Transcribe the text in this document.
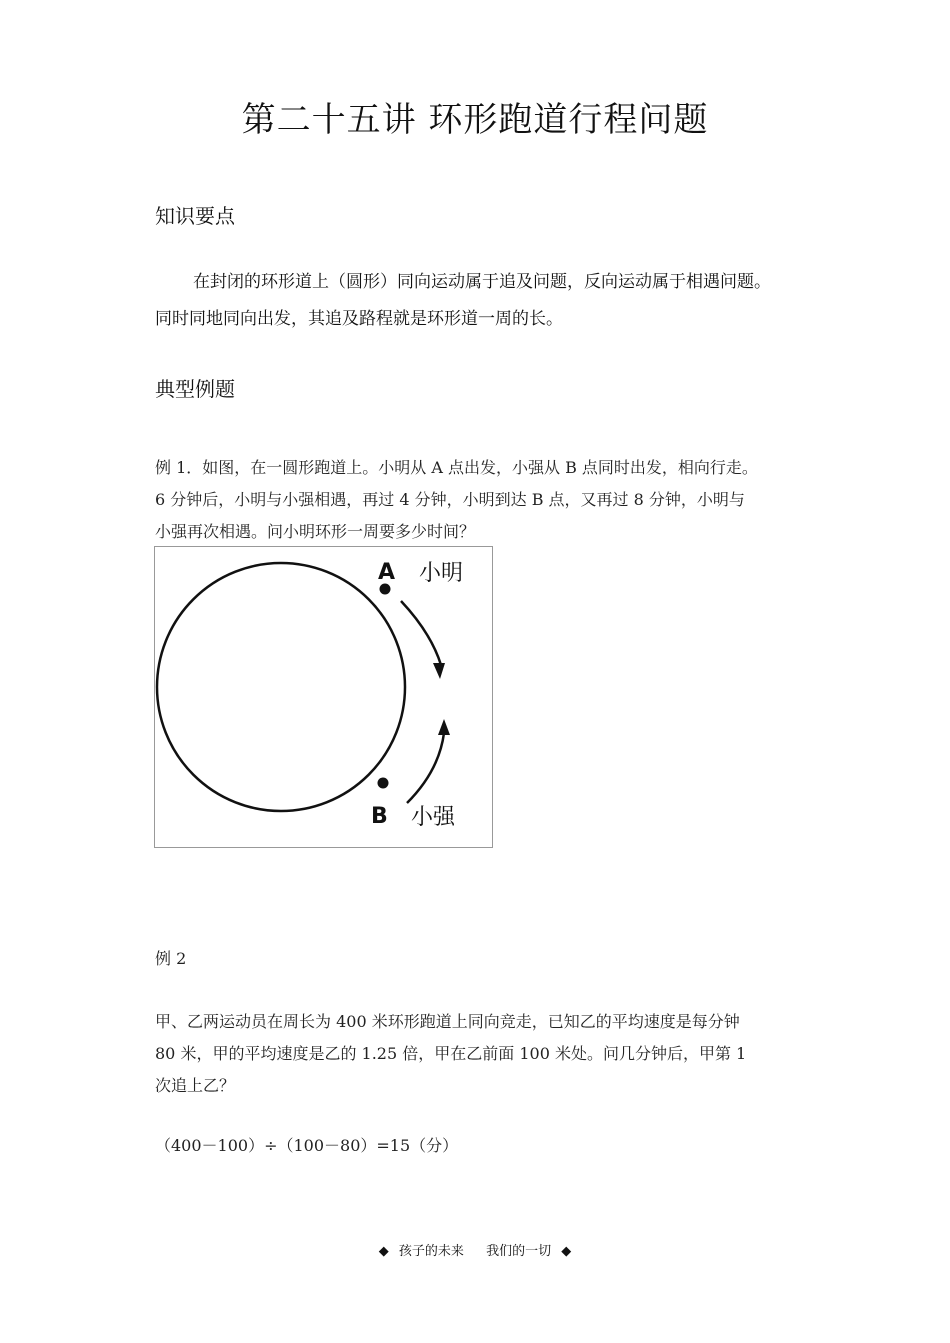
第二十五讲 环形跑道行程问题
知识要点
在封闭的环形道上（圆形）同向运动属于追及问题，反向运动属于相遇问题。
同时同地同向出发，其追及路程就是环形道一周的长。
典型例题
例 1．如图，在一圆形跑道上。小明从 A 点出发，小强从 B 点同时出发，相向行走。
6 分钟后，小明与小强相遇，再过 4 分钟，小明到达 B 点，又再过 8 分钟，小明与
小强再次相遇。问小明环形一周要多少时间？
A 小明
B 小强
例 2
甲、乙两运动员在周长为 400 米环形跑道上同向竞走，已知乙的平均速度是每分钟
80 米，甲的平均速度是乙的 1.25 倍，甲在乙前面 100 米处。问几分钟后，甲第 1
次追上乙？
（400－100）÷（100－80）=15（分）
◆ 孩子的未来 我们的一切 ◆
